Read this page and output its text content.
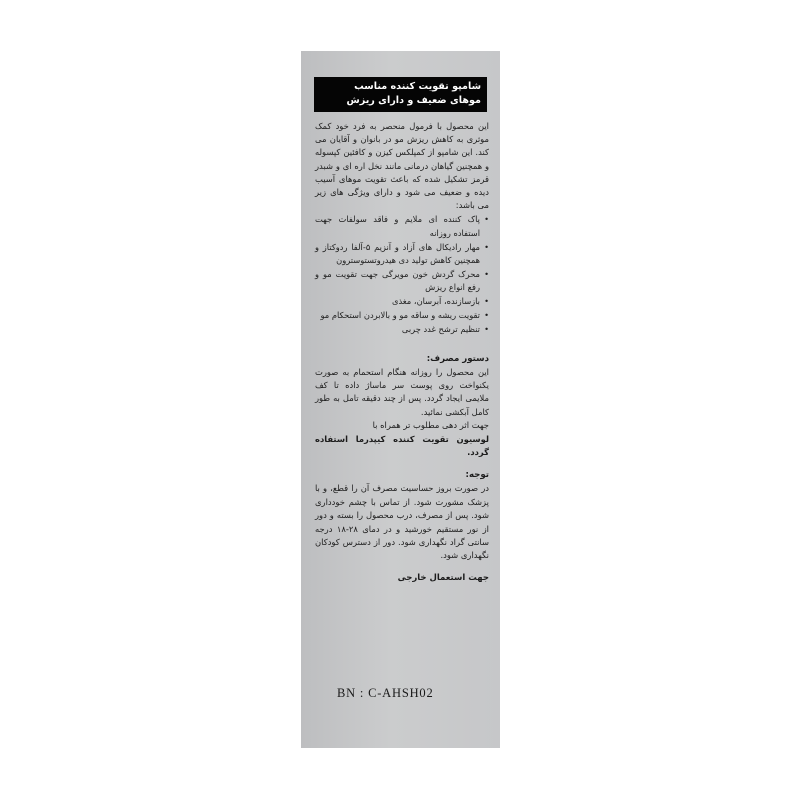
شامپو تقویت کننده مناسب
موهای ضعیف و دارای ریزش
این محصول با فرمول منحصر به فرد خود کمک موثری به کاهش ریزش مو در بانوان و آقایان می کند. این شامپو از کمپلکس کیزن و کافئین کپسوله و همچنین گیاهان درمانی مانند نخل اره ای و شبدر قرمز تشکیل شده که باعث تقویت موهای آسیب دیده و ضعیف می شود و دارای ویژگی های زیر می باشد:
•
پاک کننده ای ملایم و فاقد سولفات جهت استفاده روزانه
•
مهار رادیکال های آزاد و آنزیم ۵-آلفا ردوکتاز و همچنین کاهش تولید دی هیدروتستوسترون
•
محرک گردش خون مویرگی جهت تقویت مو و رفع انواع ریزش
•
بازسازنده، آبرسان، مغذی
•
تقویت ریشه و ساقه مو و بالابردن استحکام مو
•
تنظیم ترشح غدد چربی
دستور مصرف:
این محصول را روزانه هنگام استحمام به صورت یکنواخت روی پوست سر ماساژ داده تا کف ملایمی ایجاد گردد. پس از چند دقیقه تامل به طور کامل آبکشی نمائید.
جهت اثر دهی مطلوب تر همراه با
لوسیون تقویت کننده کیپدرما استفاده گردد.
توجه:
در صورت بروز حساسیت مصرف آن را قطع، و با پزشک مشورت شود. از تماس با چشم خودداری شود. پس از مصرف، درب محصول را بسته و دور از نور مستقیم خورشید و در دمای ۲۸-۱۸ درجه سانتی گراد نگهداری شود. دور از دسترس کودکان نگهداری شود.
جهت استعمال خارجی
BN : C-AHSH02
